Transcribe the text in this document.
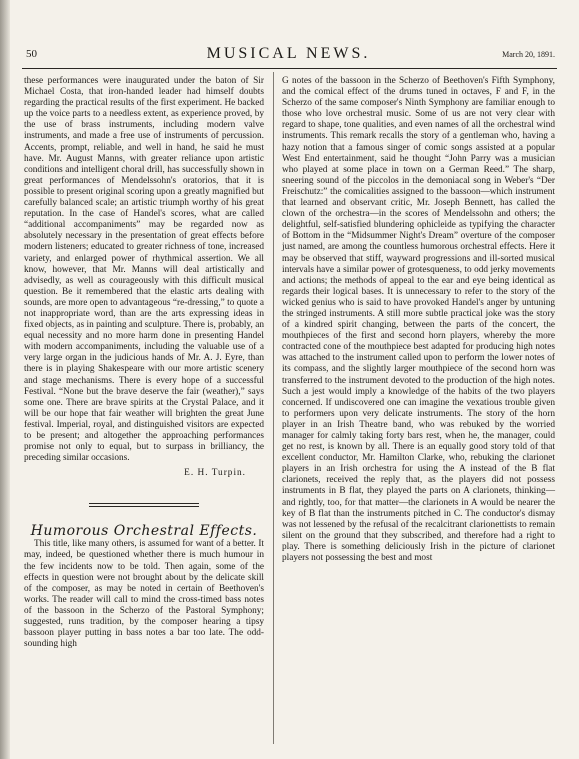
50	MUSICAL NEWS.	March 20, 1891.

these performances were inaugurated under the baton of Sir Michael Costa, that iron-handed leader had himself doubts regarding the practical results of the first experiment. He backed up the voice parts to a needless extent, as experience proved, by the use of brass instruments, including modern valve instruments, and made a free use of instruments of percussion. Accents, prompt, reliable, and well in hand, he said he must have. Mr. August Manns, with greater reliance upon artistic conditions and intelligent choral drill, has successfully shown in great performances of Mendelssohn's oratorios, that it is possible to present original scoring upon a greatly magnified but carefully balanced scale; an artistic triumph worthy of his great reputation. In the case of Handel's scores, what are called “additional accompaniments” may be regarded now as absolutely necessary in the presentation of great effects before modern listeners; educated to greater richness of tone, increased variety, and enlarged power of rhythmical assertion. We all know, however, that Mr. Manns will deal artistically and advisedly, as well as courageously with this difficult musical question. Be it remembered that the elastic arts dealing with sounds, are more open to advantageous “re-dressing,” to quote a not inappropriate word, than are the arts expressing ideas in fixed objects, as in painting and sculpture. There is, probably, an equal necessity and no more harm done in presenting Handel with modern accompaniments, including the valuable use of a very large organ in the judicious hands of Mr. A. J. Eyre, than there is in playing Shakespeare with our more artistic scenery and stage mechanisms. There is every hope of a successful Festival. “None but the brave deserve the fair (weather),” says some one. There are brave spirits at the Crystal Palace, and it will be our hope that fair weather will brighten the great June festival. Imperial, royal, and distinguished visitors are expected to be present; and altogether the approaching performances promise not only to equal, but to surpass in brilliancy, the preceding similar occasions.

E. H. Turpin.

Humorous Orchestral Effects.

This title, like many others, is assumed for want of a better. It may, indeed, be questioned whether there is much humour in the few incidents now to be told. Then again, some of the effects in question were not brought about by the delicate skill of the composer, as may be noted in certain of Beethoven's works. The reader will call to mind the cross-timed bass notes of the bassoon in the Scherzo of the Pastoral Symphony; suggested, runs tradition, by the composer hearing a tipsy bassoon player putting in bass notes a bar too late. The odd-sounding high

G notes of the bassoon in the Scherzo of Beethoven's Fifth Symphony, and the comical effect of the drums tuned in octaves, F and F, in the Scherzo of the same composer's Ninth Symphony are familiar enough to those who love orchestral music. Some of us are not very clear with regard to shape, tone qualities, and even names of all the orchestral wind instruments. This remark recalls the story of a gentleman who, having a hazy notion that a famous singer of comic songs assisted at a popular West End entertainment, said he thought “John Parry was a musician who played at some place in town on a German Reed.” The sharp, sneering sound of the piccolos in the demoniacal song in Weber's “Der Freischutz:” the comicalities assigned to the bassoon—which instrument that learned and observant critic, Mr. Joseph Bennett, has called the clown of the orchestra—in the scores of Mendelssohn and others; the delightful, self-satisfied blundering ophicleide as typifying the character of Bottom in the “Midsummer Night's Dream” overture of the composer just named, are among the countless humorous orchestral effects. Here it may be observed that stiff, wayward progressions and ill-sorted musical intervals have a similar power of grotesqueness, to odd jerky movements and actions; the methods of appeal to the ear and eye being identical as regards their logical bases. It is unnecessary to refer to the story of the wicked genius who is said to have provoked Handel's anger by untuning the stringed instruments. A still more subtle practical joke was the story of a kindred spirit changing, between the parts of the concert, the mouthpieces of the first and second horn players, whereby the more contracted cone of the mouthpiece best adapted for producing high notes was attached to the instrument called upon to perform the lower notes of its compass, and the slightly larger mouthpiece of the second horn was transferred to the instrument devoted to the production of the high notes. Such a jest would imply a knowledge of the habits of the two players concerned. If undiscovered one can imagine the vexatious trouble given to performers upon very delicate instruments. The story of the horn player in an Irish Theatre band, who was rebuked by the worried manager for calmly taking forty bars rest, when he, the manager, could get no rest, is known by all. There is an equally good story told of that excellent conductor, Mr. Hamilton Clarke, who, rebuking the clarionet players in an Irish orchestra for using the A instead of the B flat clarionets, received the reply that, as the players did not possess instruments in B flat, they played the parts on A clarionets, thinking—and rightly, too, for that matter—the clarionets in A would be nearer the key of B flat than the instruments pitched in C. The conductor's dismay was not lessened by the refusal of the recalcitrant clarionettists to remain silent on the ground that they subscribed, and therefore had a right to play. There is something deliciously Irish in the picture of clarionet players not possessing the best and most
